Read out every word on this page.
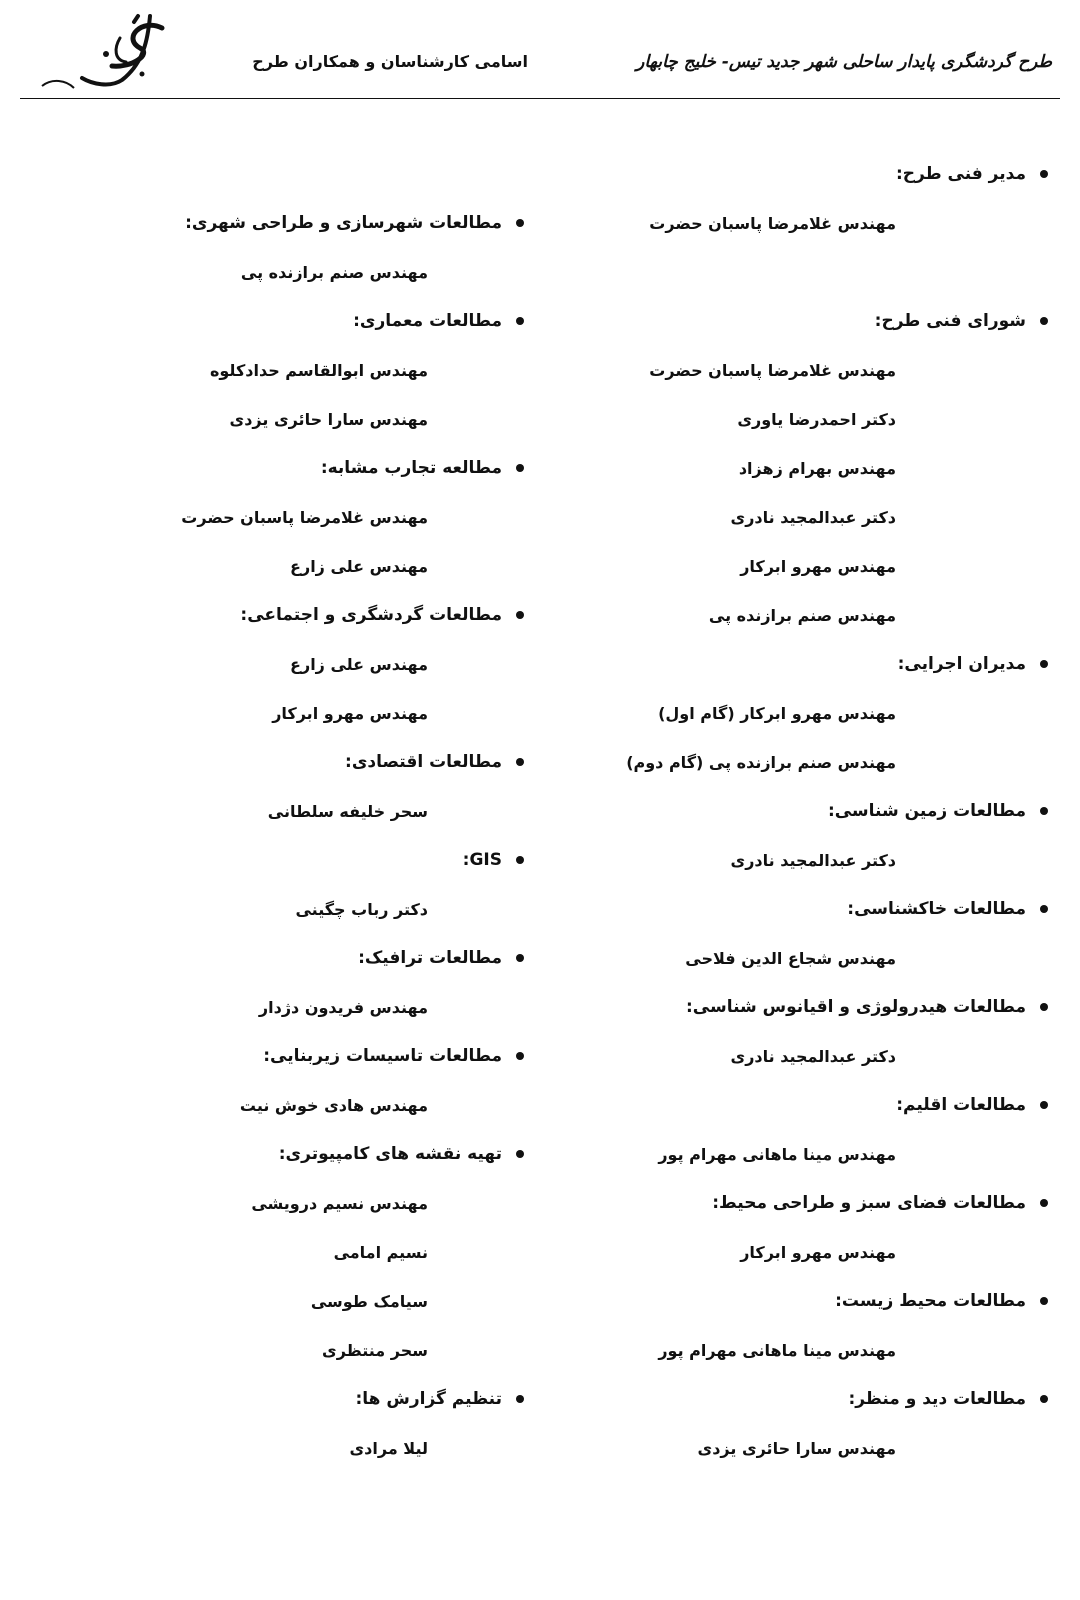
طرح گردشگری پایدار ساحلی شهر جدید تیس- خلیج چابهار
اسامی کارشناسان و همکاران طرح
مدیر فنی طرح:
مهندس غلامرضا پاسبان حضرت
شورای فنی طرح:
مهندس غلامرضا پاسبان حضرت
دکتر احمدرضا یاوری
مهندس بهرام زهزاد
دکتر عبدالمجید نادری
مهندس مهرو ابرکار
مهندس صنم برازنده پی
مدیران اجرایی:
مهندس مهرو ابرکار (گام اول)
مهندس صنم برازنده پی (گام دوم)
مطالعات زمین شناسی:
دکتر عبدالمجید نادری
مطالعات خاکشناسی:
مهندس شجاع الدین فلاحی
مطالعات هیدرولوژی و اقیانوس شناسی:
دکتر عبدالمجید نادری
مطالعات اقلیم:
مهندس مینا ماهانی مهرام پور
مطالعات فضای سبز و طراحی محیط:
مهندس مهرو ابرکار
مطالعات محیط زیست:
مهندس مینا ماهانی مهرام پور
مطالعات دید و منظر:
مهندس سارا حائری یزدی
مطالعات شهرسازی و طراحی شهری:
مهندس صنم برازنده پی
مطالعات معماری:
مهندس ابوالقاسم حدادکلوه
مهندس سارا حائری یزدی
مطالعه تجارب مشابه:
مهندس غلامرضا پاسبان حضرت
مهندس علی زارع
مطالعات گردشگری و اجتماعی:
مهندس علی زارع
مهندس مهرو ابرکار
مطالعات اقتصادی:
سحر خلیفه سلطانی
GIS:
دکتر رباب چگینی
مطالعات ترافیک:
مهندس فریدون دژدار
مطالعات تاسیسات زیربنایی:
مهندس هادی خوش نیت
تهیه نقشه های کامپیوتری:
مهندس نسیم درویشی
نسیم امامی
سیامک طوسی
سحر منتظری
تنظیم گزارش ها:
لیلا مرادی
